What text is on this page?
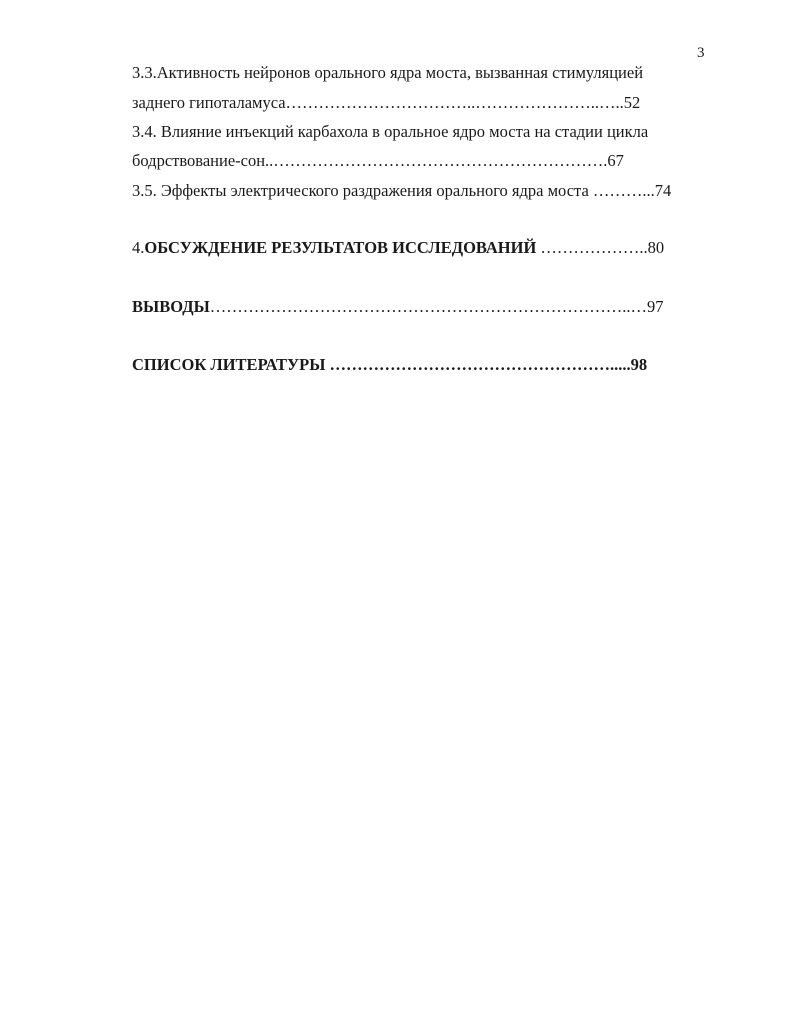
3
3.3.Активность нейронов орального ядра моста, вызванная стимуляцией
заднего гипоталамуса……………………………..…………………..…..52
3.4. Влияние инъекций карбахола в оральное ядро моста на стадии цикла
бодрствование-сон..…………………………………………………….67
3.5. Эффекты электрического раздражения орального ядра моста ………...74
4.ОБСУЖДЕНИЕ РЕЗУЛЬТАТОВ ИССЛЕДОВАНИЙ ………………..80
ВЫВОДЫ…………………………………………………………………..…97
СПИСОК ЛИТЕРАТУРЫ …………………………………………….....98
